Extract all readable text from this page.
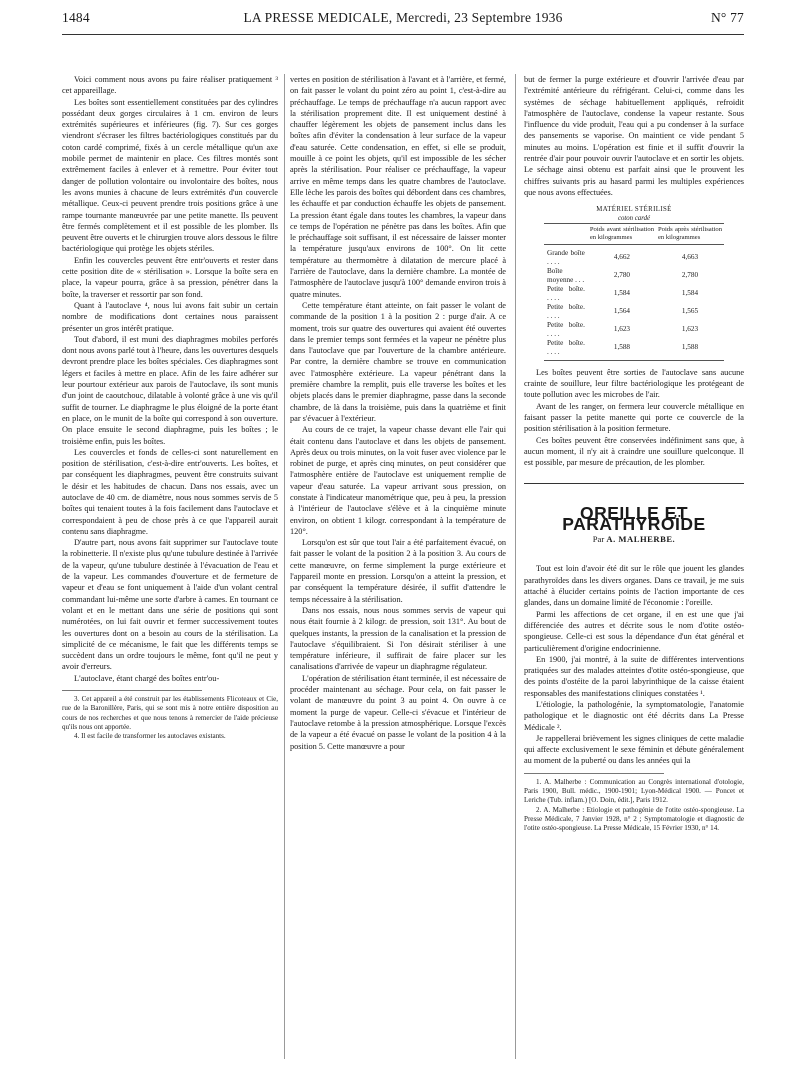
1484	LA PRESSE MEDICALE, Mercredi, 23 Septembre 1936	N° 77

Voici comment nous avons pu faire réaliser pratiquement ³ cet appareillage.

Les boîtes sont essentiellement constituées par des cylindres possédant deux gorges circulaires à 1 cm. environ de leurs extrémités supérieures et inférieures (fig. 7). Sur ces gorges viendront s'écraser les filtres bactériologiques constitués par du coton cardé comprimé, fixés à un cercle métallique qu'un axe mobile permet de maintenir en place. Ces filtres montés sont extrêmement faciles à enlever et à remettre. Pour éviter tout danger de pollution volontaire ou involontaire des boîtes, nous les avons munies à chacune de leurs extrémités d'un couvercle métallique. Ceux-ci peuvent prendre trois positions grâce à une rampe tournante manœuvrée par une petite manette. Ils peuvent être fermés complètement et il est possible de les plomber. Ils peuvent être ouverts et le chirurgien trouve alors dessous le filtre bactériologique qui protège les objets stériles.

Enfin les couvercles peuvent être entr'ouverts et rester dans cette position dite de « stérilisation ». Lorsque la boîte sera en place, la vapeur pourra, grâce à sa pression, pénétrer dans la boîte, la traverser et ressortir par son fond.

Quant à l'autoclave ⁴, nous lui avons fait subir un certain nombre de modifications dont certaines nous paraissent présenter un gros intérêt pratique.

Tout d'abord, il est muni des diaphragmes mobiles perforés dont nous avons parlé tout à l'heure, dans les ouvertures desquels devront prendre place les boîtes spéciales. Ces diaphragmes sont légers et faciles à mettre en place. Afin de les faire adhérer sur leur pourtour extérieur aux parois de l'autoclave, ils sont munis d'un joint de caoutchouc, dilatable à volonté grâce à une vis qu'il suffit de tourner. Le diaphragme le plus éloigné de la porte étant en place, on le munit de la boîte qui correspond à son ouverture. On place ensuite le second diaphragme, puis les boîtes ; le troisième enfin, puis les boîtes.

Les couvercles et fonds de celles-ci sont naturellement en position de stérilisation, c'est-à-dire entr'ouverts. Les boîtes, et par conséquent les diaphragmes, peuvent être construits suivant le désir et les habitudes de chacun. Dans nos essais, avec un autoclave de 40 cm. de diamètre, nous nous sommes servis de 5 boîtes qui tenaient toutes à la fois facilement dans l'autoclave et correspondaient à peu de chose près à ce que l'appareil aurait contenu sans diaphragme.

D'autre part, nous avons fait supprimer sur l'autoclave toute la robinetterie. Il n'existe plus qu'une tubulure destinée à l'arrivée de la vapeur, qu'une tubulure destinée à l'évacuation de l'eau et de la vapeur. Les commandes d'ouverture et de fermeture de vapeur et d'eau se font uniquement à l'aide d'un volant central commandant lui-même une sorte d'arbre à cames. En tournant ce volant et en le mettant dans une série de positions qui sont numérotées, on lui fait ouvrir et fermer successivement toutes les ouvertures dont on a besoin au cours de la stérilisation. La simplicité de ce mécanisme, le fait que les différents temps se succèdent dans un ordre toujours le même, font qu'il ne peut y avoir d'erreurs.

L'autoclave, étant chargé des boîtes entr'ou-

3. Cet appareil a été construit par les établissements Flicoteaux et Cie, rue de la Baronillère, Paris, qui se sont mis à notre entière disposition au cours de nos recherches et que nous tenons à remercier de l'aide précieuse qu'ils nous ont apportée.

4. Il est facile de transformer les autoclaves existants.

vertes en position de stérilisation à l'avant et à l'arrière, et fermé, on fait passer le volant du point zéro au point 1, c'est-à-dire au préchauffage. Le temps de préchauffage n'a aucun rapport avec la stérilisation proprement dite. Il est uniquement destiné à chauffer légèrement les objets de pansement inclus dans les boîtes afin d'éviter la condensation à leur surface de la vapeur d'eau saturée. Cette condensation, en effet, si elle se produit, mouille à ce point les objets, qu'il est impossible de les sécher après la stérilisation. Pour réaliser ce préchauffage, la vapeur arrive en même temps dans les quatre chambres de l'autoclave. Elle lèche les parois des boîtes qui débordent dans ces chambres, les échauffe et par conduction échauffe les objets de pansement. La pression étant égale dans toutes les chambres, la vapeur dans ce temps de l'opération ne pénètre pas dans les boîtes. Afin que le préchauffage soit suffisant, il est nécessaire de laisser monter la température jusqu'aux environs de 100°. On lit cette température au thermomètre à dilatation de mercure placé à l'arrière de l'autoclave, dans la dernière chambre. La montée de l'atmosphère de l'autoclave jusqu'à 100° demande environ trois à quatre minutes.

Cette température étant atteinte, on fait passer le volant de commande de la position 1 à la position 2 : purge d'air. A ce moment, trois sur quatre des ouvertures qui avaient été ouvertes dans le premier temps sont fermées et la vapeur ne pénètre plus dans l'autoclave que par l'ouverture de la chambre antérieure. Par contre, la dernière chambre se trouve en communication avec l'atmosphère extérieure. La vapeur pénétrant dans la première chambre la remplit, puis elle traverse les boîtes et les objets placés dans le premier diaphragme, passe dans la seconde chambre, de là dans la troisième, puis dans la quatrième et finit par s'évacuer à l'extérieur.

Au cours de ce trajet, la vapeur chasse devant elle l'air qui était contenu dans l'autoclave et dans les objets de pansement. Après deux ou trois minutes, on la voit fuser avec violence par le robinet de purge, et après cinq minutes, on peut considérer que l'atmosphère entière de l'autoclave est uniquement remplie de vapeur d'eau saturée. La vapeur arrivant sous pression, on constate à l'indicateur manométrique que, peu à peu, la pression à l'intérieur de l'autoclave s'élève et à la cinquième minute environ, on obtient 1 kilogr. correspondant à la température de 120°.

Lorsqu'on est sûr que tout l'air a été parfaitement évacué, on fait passer le volant de la position 2 à la position 3. Au cours de cette manœuvre, on ferme simplement la purge extérieure et l'appareil monte en pression. Lorsqu'on a atteint la pression, et par conséquent la température désirée, il suffit d'attendre le temps nécessaire à la stérilisation.

Dans nos essais, nous nous sommes servis de vapeur qui nous était fournie à 2 kilogr. de pression, soit 131°. Au bout de quelques instants, la pression de la canalisation et la pression de l'autoclave s'équilibraient. Si l'on désirait stériliser à une température inférieure, il suffirait de faire placer sur les canalisations d'arrivée de vapeur un diaphragme régulateur.

L'opération de stérilisation étant terminée, il est nécessaire de procéder maintenant au séchage. Pour cela, on fait passer le volant de manœuvre du point 3 au point 4. On ouvre à ce moment la purge de vapeur. Celle-ci s'évacue et l'intérieur de l'autoclave retombe à la pression atmosphérique. Lorsque l'excès de la vapeur a été évacué on passe le volant de la position 4 à la position 5. Cette manœuvre a pour

but de fermer la purge extérieure et d'ouvrir l'arrivée d'eau par l'extrémité antérieure du réfrigérant. Celui-ci, comme dans les systèmes de séchage habituellement appliqués, refroidit l'atmosphère de l'autoclave, condense la vapeur restante. Sous l'influence du vide produit, l'eau qui a pu condenser à la surface des pansements se vaporise. On maintient ce vide pendant 5 minutes au moins. L'opération est finie et il suffit d'ouvrir la rentrée d'air pour pouvoir ouvrir l'autoclave et en sortir les objets. Le séchage ainsi obtenu est parfait ainsi que le prouvent les chiffres suivants pris au hasard parmi les multiples expériences que nous avons effectuées.

MATÉRIEL STÉRILISÉ
coton cardé
	Poids avant stérilisation en kilogrammes	Poids après stérilisation en kilogrammes
Grande boîte . . . .	4,662	4,663
Boîte moyenne . . .	2,780	2,780
Petite boîte. . . . .	1,584	1,584
Petite boîte. . . . .	1,564	1,565
Petite boîte. . . . .	1,623	1,623
Petite boîte. . . . .	1,588	1,588

Les boîtes peuvent être sorties de l'autoclave sans aucune crainte de souillure, leur filtre bactériologique les protégeant de toute pollution avec les microbes de l'air.

Avant de les ranger, on fermera leur couvercle métallique en faisant passer la petite manette qui porte ce couvercle de la position stérilisation à la position fermeture.

Ces boîtes peuvent être conservées indéfiniment sans que, à aucun moment, il n'y ait à craindre une souillure quelconque. Il est possible, par mesure de précaution, de les plomber.

OREILLE ET PARATHYROÏDE
Par A. MALHERBE.

Tout est loin d'avoir été dit sur le rôle que jouent les glandes parathyroïdes dans les divers organes. Dans ce travail, je me suis attaché à élucider certains points de l'action importante de ces glandes, dans un domaine limité de l'économie : l'oreille.

Parmi les affections de cet organe, il en est une que j'ai différenciée des autres et décrite sous le nom d'otite ostéo-spongieuse. Celle-ci est sous la dépendance d'un état général et particulièrement d'origine endocrinienne.

En 1900, j'ai montré, à la suite de différentes interventions pratiquées sur des malades atteintes d'otite ostéo-spongieuse, que des points d'ostéite de la paroi labyrinthique de la caisse étaient responsables des manifestations cliniques constatées ¹.

L'étiologie, la pathologénie, la symptomatologie, l'anatomie pathologique et le diagnostic ont été décrits dans La Presse Médicale ².

Je rappellerai brièvement les signes cliniques de cette maladie qui affecte exclusivement le sexe féminin et débute généralement au moment de la puberté ou dans les années qui la

1. A. Malherbe : Communication au Congrès international d'otologie, Paris 1900, Bull. médic., 1900-1901; Lyon-Médical 1900. — Poncet et Leriche (Tub. inflam.) [O. Doin, édit.], Paris 1912.

2. A. Malherbe : Etiologie et pathogénie de l'otite ostéo-spongieuse. La Presse Médicale, 7 Janvier 1928, n° 2 ; Symptomatologie et diagnostic de l'otite ostéo-spongieuse. La Presse Médicale, 15 Février 1930, n° 14.
